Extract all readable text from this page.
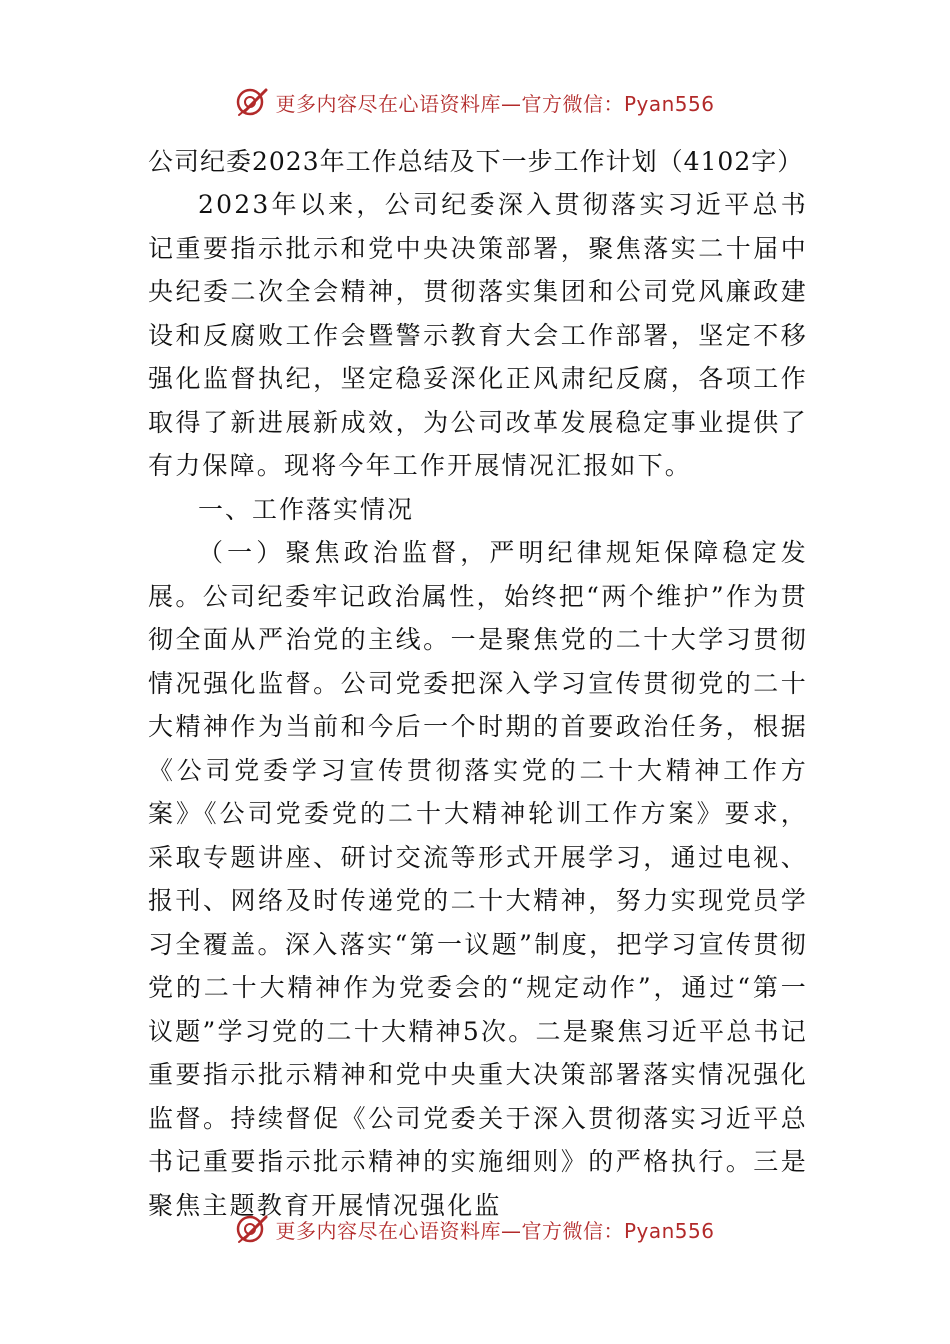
更多内容尽在心语资料库—官方微信：Pyan556

公司纪委2023年工作总结及下一步工作计划（4102字）

2023年以来，公司纪委深入贯彻落实习近平总书记重要指示批示和党中央决策部署，聚焦落实二十届中央纪委二次全会精神，贯彻落实集团和公司党风廉政建设和反腐败工作会暨警示教育大会工作部署，坚定不移强化监督执纪，坚定稳妥深化正风肃纪反腐，各项工作取得了新进展新成效，为公司改革发展稳定事业提供了有力保障。现将今年工作开展情况汇报如下。

一、工作落实情况

（一）聚焦政治监督，严明纪律规矩保障稳定发展。公司纪委牢记政治属性，始终把“两个维护”作为贯彻全面从严治党的主线。一是聚焦党的二十大学习贯彻情况强化监督。公司党委把深入学习宣传贯彻党的二十大精神作为当前和今后一个时期的首要政治任务，根据《公司党委学习宣传贯彻落实党的二十大精神工作方案》《公司党委党的二十大精神轮训工作方案》要求，采取专题讲座、研讨交流等形式开展学习，通过电视、报刊、网络及时传递党的二十大精神，努力实现党员学习全覆盖。深入落实“第一议题”制度，把学习宣传贯彻党的二十大精神作为党委会的“规定动作”，通过“第一议题”学习党的二十大精神5次。二是聚焦习近平总书记重要指示批示精神和党中央重大决策部署落实情况强化监督。持续督促《公司党委关于深入贯彻落实习近平总书记重要指示批示精神的实施细则》的严格执行。三是聚焦主题教育开展情况强化监

更多内容尽在心语资料库—官方微信：Pyan556
